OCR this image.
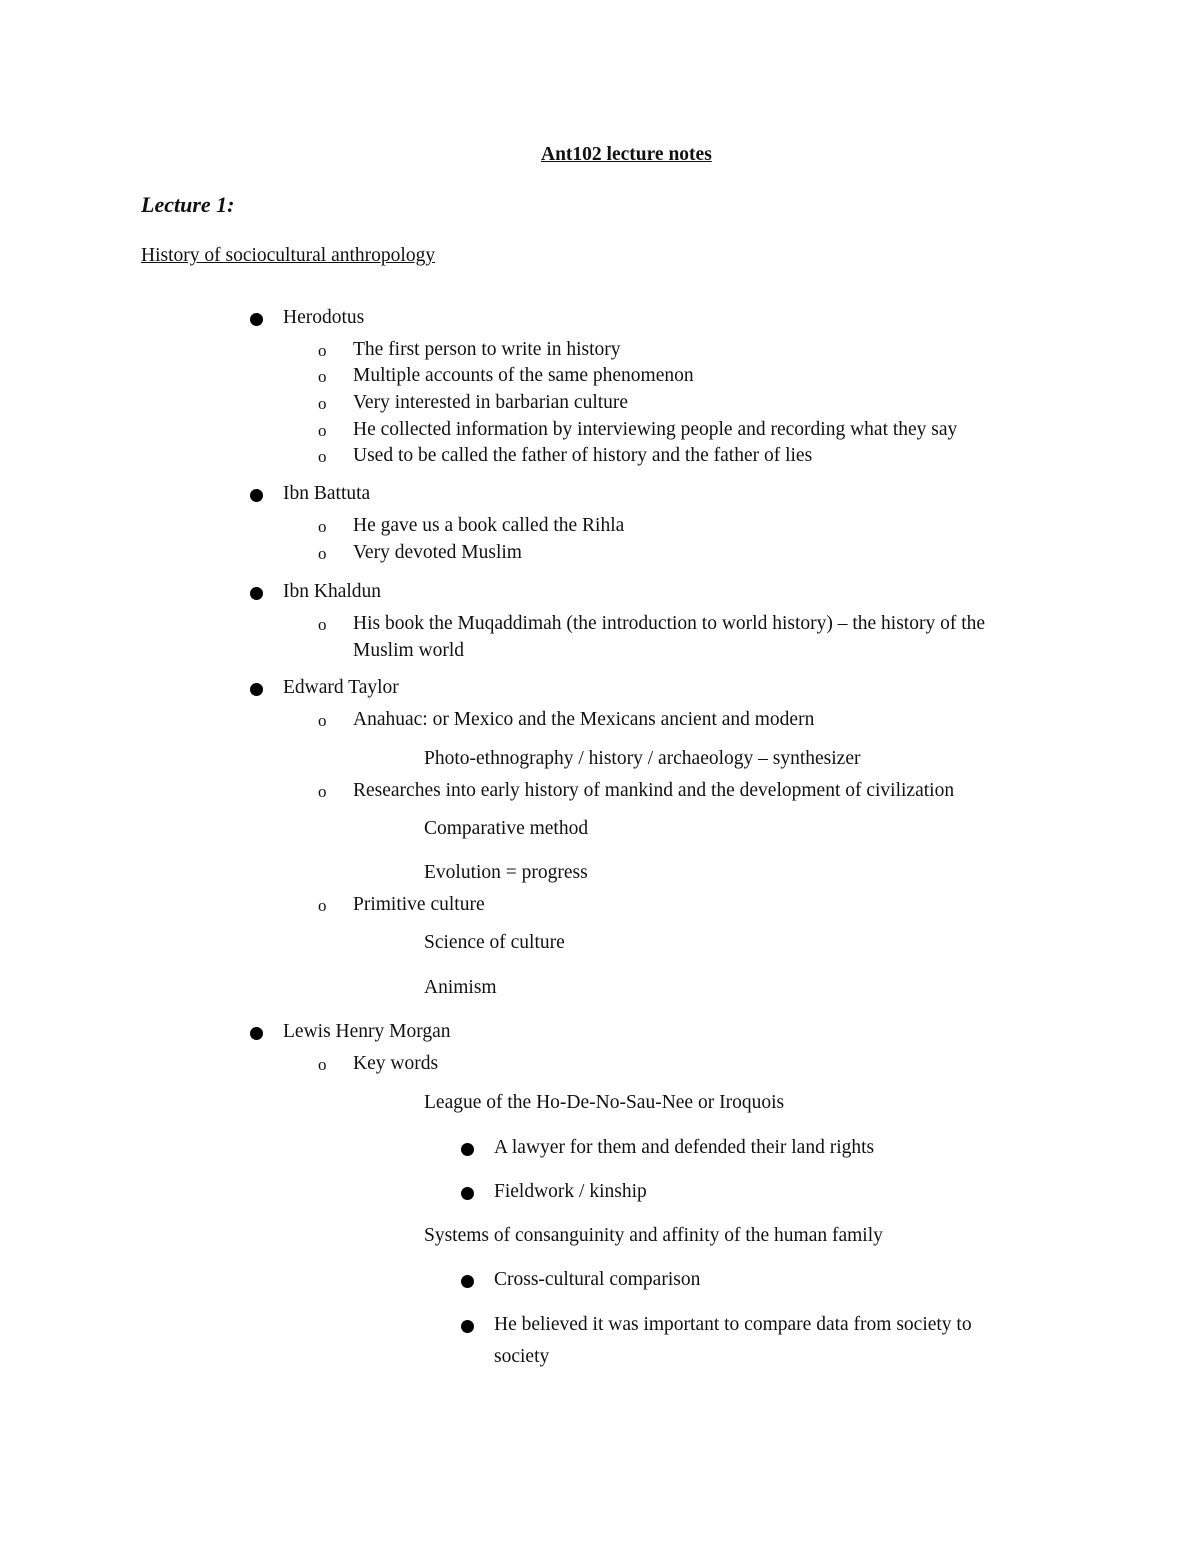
Ant102 lecture notes
Lecture 1:
History of sociocultural anthropology
Herodotus
o The first person to write in history
o Multiple accounts of the same phenomenon
o Very interested in barbarian culture
o He collected information by interviewing people and recording what they say
o Used to be called the father of history and the father of lies
Ibn Battuta
o He gave us a book called the Rihla
o Very devoted Muslim
Ibn Khaldun
o His book the Muqaddimah (the introduction to world history) – the history of the
Muslim world
Edward Taylor
o Anahuac: or Mexico and the Mexicans ancient and modern
Photo-ethnography / history / archaeology – synthesizer
o Researches into early history of mankind and the development of civilization
Comparative method
Evolution = progress
o Primitive culture
Science of culture
Animism
Lewis Henry Morgan
o Key words
League of the Ho-De-No-Sau-Nee or Iroquois
A lawyer for them and defended their land rights
Fieldwork / kinship
Systems of consanguinity and affinity of the human family
Cross-cultural comparison
He believed it was important to compare data from society to
society
